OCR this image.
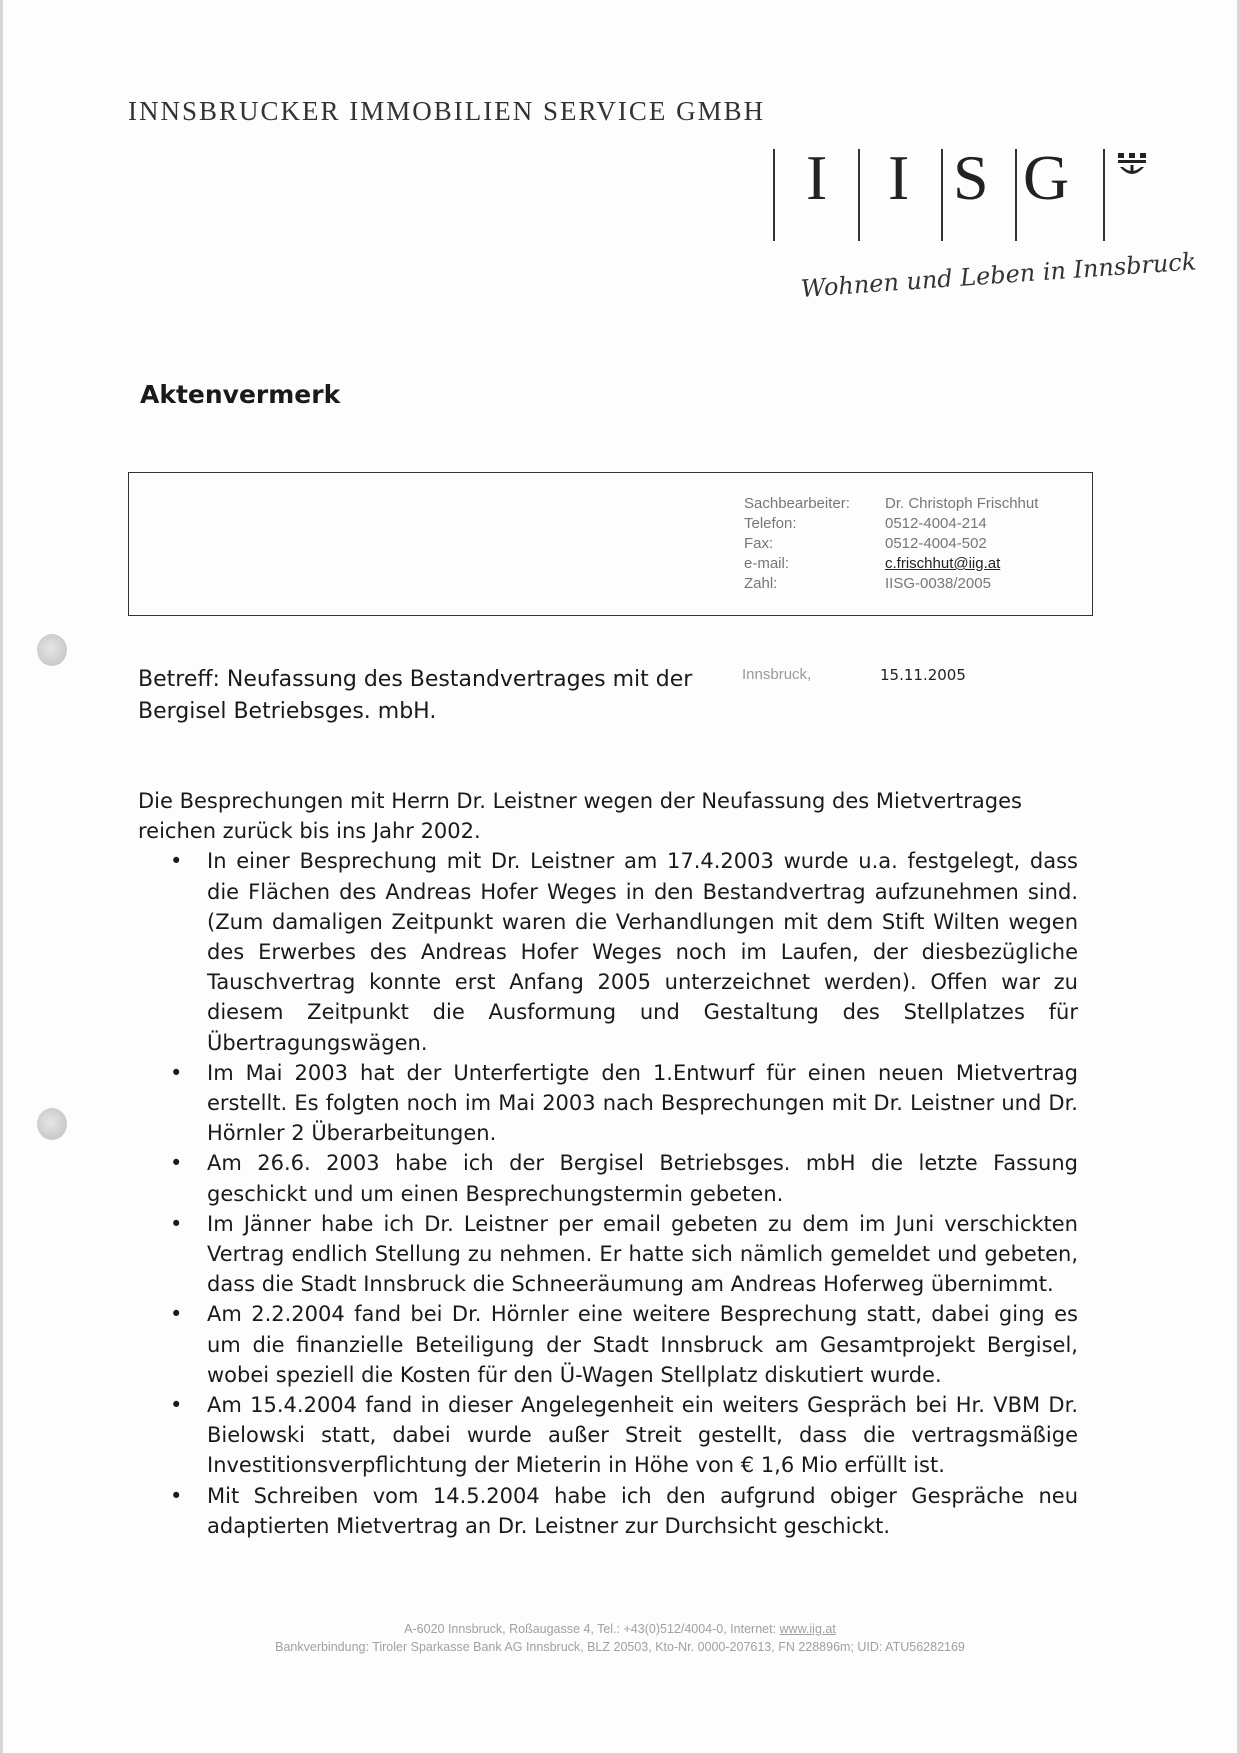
INNSBRUCKER IMMOBILIEN SERVICE GMBH
I I S G
Wohnen und Leben in Innsbruck
Aktenvermerk
Sachbearbeiter: Dr. Christoph Frischhut
Telefon:	0512-4004-214
Fax:	0512-4004-502
e-mail:	c.frischhut@iig.at
Zahl:	IISG-0038/2005
Betreff: Neufassung des Bestandvertrages mit der
Bergisel Betriebsges. mbH.
Innsbruck,	15.11.2005

Die Besprechungen mit Herrn Dr. Leistner wegen der Neufassung des Mietvertrages reichen zurück bis ins Jahr 2002.

• In einer Besprechung mit Dr. Leistner am 17.4.2003 wurde u.a. festgelegt, dass die Flächen des Andreas Hofer Weges in den Bestandvertrag aufzunehmen sind. (Zum damaligen Zeitpunkt waren die Verhandlungen mit dem Stift Wilten wegen des Erwerbes des Andreas Hofer Weges noch im Laufen, der diesbezügliche Tauschvertrag konnte erst Anfang 2005 unterzeichnet werden). Offen war zu diesem Zeitpunkt die Ausformung und Gestaltung des Stellplatzes für Übertragungswägen.
• Im Mai 2003 hat der Unterfertigte den 1.Entwurf für einen neuen Mietvertrag erstellt. Es folgten noch im Mai 2003 nach Besprechungen mit Dr. Leistner und Dr. Hörnler 2 Überarbeitungen.
• Am 26.6. 2003 habe ich der Bergisel Betriebsges. mbH die letzte Fassung geschickt und um einen Besprechungstermin gebeten.
• Im Jänner habe ich Dr. Leistner per email gebeten zu dem im Juni verschickten Vertrag endlich Stellung zu nehmen. Er hatte sich nämlich gemeldet und gebeten, dass die Stadt Innsbruck die Schneeräumung am Andreas Hoferweg übernimmt.
• Am 2.2.2004 fand bei Dr. Hörnler eine weitere Besprechung statt, dabei ging es um die finanzielle Beteiligung der Stadt Innsbruck am Gesamtprojekt Bergisel, wobei speziell die Kosten für den Ü-Wagen Stellplatz diskutiert wurde.
• Am 15.4.2004 fand in dieser Angelegenheit ein weiters Gespräch bei Hr. VBM Dr. Bielowski statt, dabei wurde außer Streit gestellt, dass die vertragsmäßige Investitionsverpflichtung der Mieterin in Höhe von € 1,6 Mio erfüllt ist.
• Mit Schreiben vom 14.5.2004 habe ich den aufgrund obiger Gespräche neu adaptierten Mietvertrag an Dr. Leistner zur Durchsicht geschickt.
A-6020 Innsbruck, Roßaugasse 4, Tel.: +43(0)512/4004-0, Internet: www.iig.at
Bankverbindung: Tiroler Sparkasse Bank AG Innsbruck, BLZ 20503, Kto-Nr. 0000-207613, FN 228896m; UID: ATU56282169
